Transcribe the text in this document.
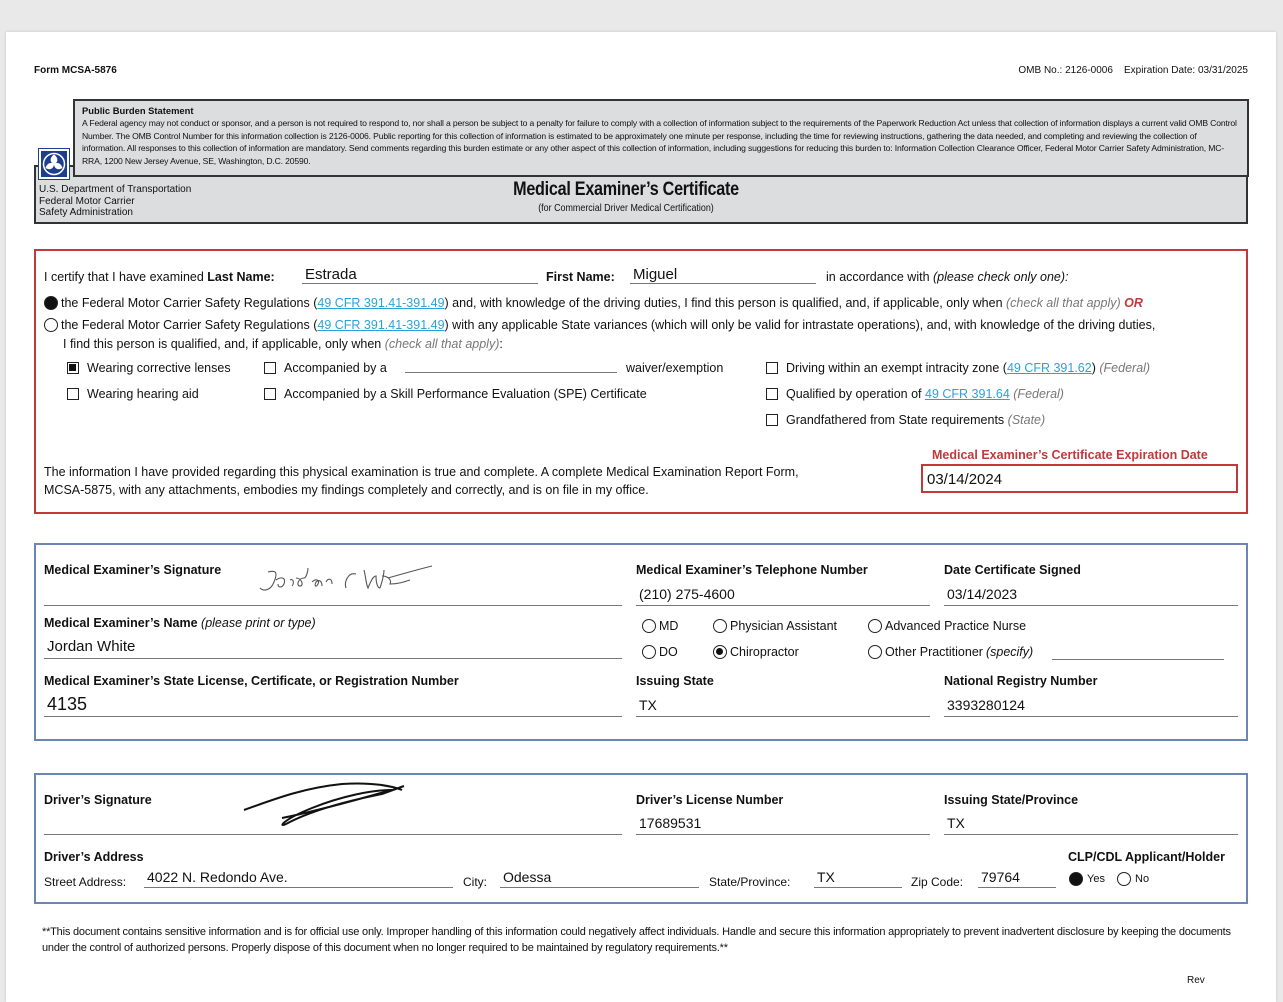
Form MCSA-5876	OMB No.: 2126-0006    Expiration Date: 03/31/2025
Public Burden Statement
A Federal agency may not conduct or sponsor, and a person is not required to respond to, nor shall a person be subject to a penalty for failure to comply with a collection of information subject to the requirements of the Paperwork Reduction Act unless that collection of information displays a current valid OMB Control Number. The OMB Control Number for this information collection is 2126-0006. Public reporting for this collection of information is estimated to be approximately one minute per response, including the time for reviewing instructions, gathering the data needed, and completing and reviewing the collection of information. All responses to this collection of information are mandatory. Send comments regarding this burden estimate or any other aspect of this collection of information, including suggestions for reducing this burden to: Information Collection Clearance Officer, Federal Motor Carrier Safety Administration, MC-RRA, 1200 New Jersey Avenue, SE, Washington, D.C. 20590.
U.S. Department of Transportation
Federal Motor Carrier
Safety Administration
Medical Examiner’s Certificate
(for Commercial Driver Medical Certification)
I certify that I have examined Last Name: Estrada	First Name: Miguel	in accordance with (please check only one):
the Federal Motor Carrier Safety Regulations (49 CFR 391.41-391.49) and, with knowledge of the driving duties, I find this person is qualified, and, if applicable, only when (check all that apply) OR
the Federal Motor Carrier Safety Regulations (49 CFR 391.41-391.49) with any applicable State variances (which will only be valid for intrastate operations), and, with knowledge of the driving duties,
I find this person is qualified, and, if applicable, only when (check all that apply):
Wearing corrective lenses
Wearing hearing aid
Accompanied by a	waiver/exemption
Accompanied by a Skill Performance Evaluation (SPE) Certificate
Driving within an exempt intracity zone (49 CFR 391.62) (Federal)
Qualified by operation of 49 CFR 391.64 (Federal)
Grandfathered from State requirements (State)
The information I have provided regarding this physical examination is true and complete. A complete Medical Examination Report Form,
MCSA-5875, with any attachments, embodies my findings completely and correctly, and is on file in my office.
Medical Examiner’s Certificate Expiration Date
03/14/2024
Medical Examiner’s Signature	Medical Examiner’s Telephone Number
(210) 275-4600
Date Certificate Signed
03/14/2023
Medical Examiner’s Name (please print or type)
Jordan White
MD	Physician Assistant	Advanced Practice Nurse
DO	Chiropractor	Other Practitioner (specify)
Medical Examiner’s State License, Certificate, or Registration Number
4135
Issuing State
TX
National Registry Number
3393280124
Driver’s Signature	Driver’s License Number
17689531
Issuing State/Province
TX
Driver’s Address
Street Address: 4022 N. Redondo Ave.	City: Odessa	State/Province: TX	Zip Code: 79764
CLP/CDL Applicant/Holder
Yes	No
**This document contains sensitive information and is for official use only. Improper handling of this information could negatively affect individuals. Handle and secure this information appropriately to prevent inadvertent disclosure by keeping the documents under the control of authorized persons. Properly dispose of this document when no longer required to be maintained by regulatory requirements.**
Rev
